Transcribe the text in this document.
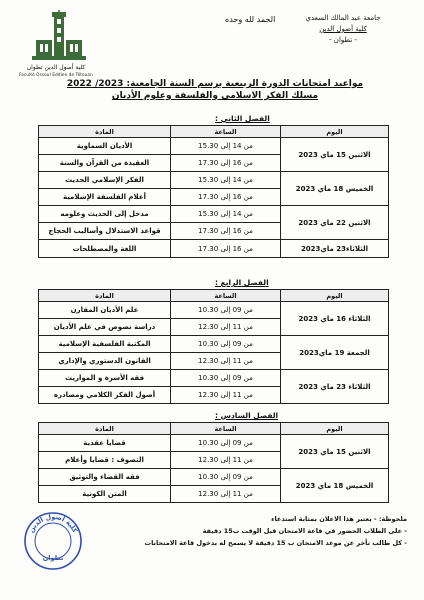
جامعة عبد المالك السعدي
كلية أصول الدين
- تطوان -
الحمد لله وحده
كلية أصول الدين تطوان
Faculté Ossoul Eddine de Tétouan
مواعيد امتحانات الدورة الربيعية برسم السنة الجامعية: 2023/ 2022
مسلك الفكر الاسلامي والفلسفة وعلوم الأديان
الفصل الثاني :
اليوم	الساعة	المادة
الاثنين 15 ماي 2023	من 14 إلى 15.30	الأديان السماوية
	من 16 إلى 17.30	العقيدة من القرآن والسنة
الخميس 18 ماي 2023	من 14 إلى 15.30	الفكر الإسلامي الحديث
	من 16 إلى 17.30	أعلام الفلسفة الإسلامية
الاثنين 22 ماي 2023	من 14 إلى 15.30	مدخل إلى الحديث وعلومه
	من 16 إلى 17.30	قواعد الاستدلال وأساليب الحجاج
الثلاثاء23 ماي2023	من 16 إلى 17.30	اللغة والمصطلحات
الفصل الرابع :
اليوم	الساعة	المادة
الثلاثاء 16 ماي 2023	من 09 إلى 10.30	علم الأديان المقارن
	من 11 إلى 12.30	دراسة نصوص في علم الأديان
الجمعة 19 ماي2023	من 09 إلى 10.30	المكتبة الفلسفية الإسلامية
	من 11 إلى 12.30	القانون الدستوري والإداري
الثلاثاء 23 ماي 2023	من 09 إلى 10.30	فقه الأسرة و المواريث
	من 11 إلى 12.30	أصول الفكر الكلامي ومصادره
الفصل السادس :
اليوم	الساعة	المادة
الاثنين 15 ماي 2023	من 09 إلى 10.30	قضايا عقدية
	من 11 إلى 12.30	التصوف : قضايا وأعلام
الخميس 18 ماي 2023	من 09 إلى 10.30	فقه القضاء والتوثيق
	من 11 إلى 12.30	المتن الكونية
ملحوظة: - يعتبر هذا الاعلان بمثابة استدعاء
- على الطلاب الحضور في قاعة الامتحان قبل الوقت ب15 دقيقة
- كل طالب تأخر عن موعد الامتحان ب 15 دقيقة لا يسمح له بدخول قاعة الامتحانات
كلية أصول الدين
تطوان
